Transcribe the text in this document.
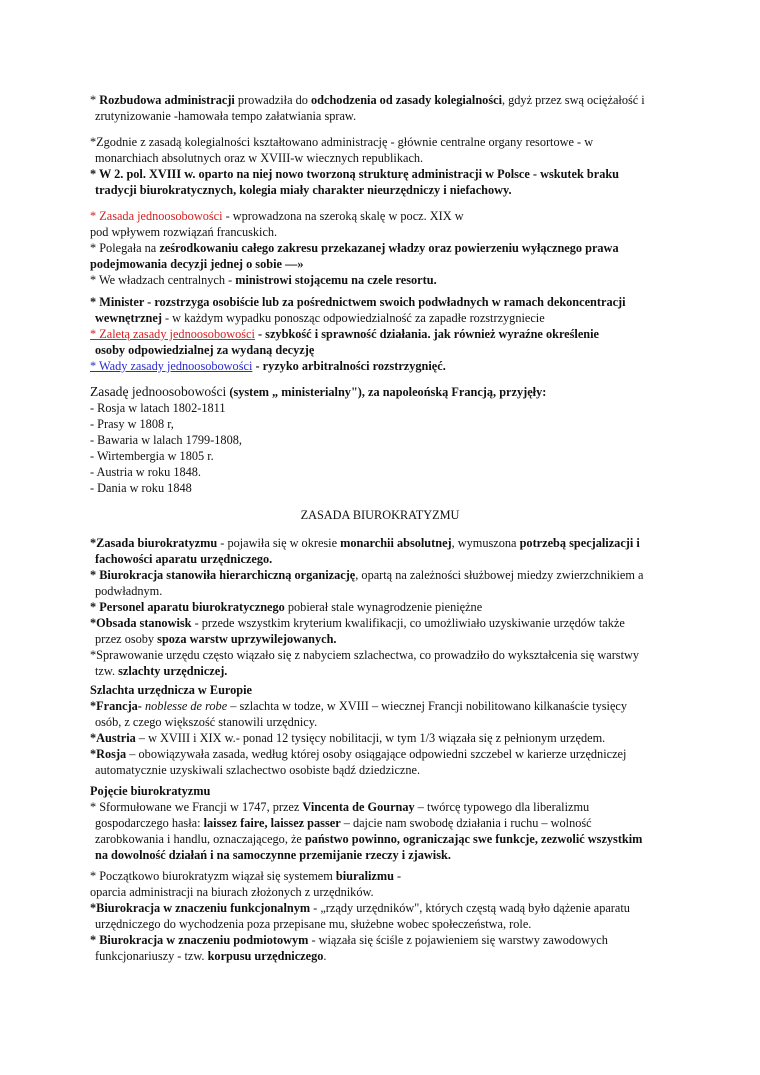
* Rozbudowa administracji prowadziła do odchodzenia od zasady kolegialności, gdyż przez swą ociężałość i

zrutynizowanie -hamowała tempo załatwiania spraw.

*Zgodnie z zasadą kolegialności kształtowano administrację - głównie centralne organy resortowe - w

monarchiach absolutnych oraz w XVIII-w wiecznych republikach.

* W 2. pol. XVIII w. oparto na niej nowo tworzoną strukturę administracji w Polsce - wskutek braku

tradycji biurokratycznych, kolegia miały charakter nieurzędniczy i niefachowy.

* Zasada jednoosobowości - wprowadzona na szeroką skalę w pocz. XIX w

pod wpływem rozwiązań francuskich.

* Polegała na ześrodkowaniu całego zakresu przekazanej władzy oraz powierzeniu wyłącznego prawa

podejmowania decyzji jednej o sobie —»

* We władzach centralnych - ministrowi stojącemu na czele resortu.

* Minister - rozstrzyga osobiście lub za pośrednictwem swoich podwładnych w ramach dekoncentracji

wewnętrznej - w każdym wypadku ponosząc odpowiedzialność za zapadłe rozstrzygniecie

* Zaletą zasady jednoosobowości - szybkość i sprawność działania. jak również wyraźne określenie

osoby odpowiedzialnej za wydaną decyzję

* Wady zasady jednoosobowości - ryzyko arbitralności rozstrzygnięć.

Zasadę jednoosobowości (system „ ministerialny"), za napoleońską Francją, przyjęły:

- Rosja w latach 1802-1811

- Prasy w 1808 r,

- Bawaria w lalach 1799-1808,

- Wirtembergia w 1805 r.

- Austria w roku 1848.

- Dania w roku 1848

ZASADA BIUROKRATYZMU

*Zasada biurokratyzmu - pojawiła się w okresie monarchii absolutnej, wymuszona potrzebą specjalizacji i

fachowości aparatu urzędniczego.

* Biurokracja stanowiła hierarchiczną organizację, opartą na zależności służbowej miedzy zwierzchnikiem a

podwładnym.

* Personel aparatu biurokratycznego pobierał stale wynagrodzenie pieniężne

*Obsada stanowisk - przede wszystkim kryterium kwalifikacji, co umożliwiało uzyskiwanie urzędów także

przez osoby spoza warstw uprzywilejowanych.

*Sprawowanie urzędu często wiązało się z nabyciem szlachectwa, co prowadziło do wykształcenia się warstwy

tzw. szlachty urzędniczej.

Szlachta urzędnicza w Europie

*Francja- noblesse de robe – szlachta w todze, w XVIII – wiecznej Francji nobilitowano kilkanaście tysięcy

osób, z czego większość stanowili urzędnicy.

*Austria – w XVIII i XIX w.- ponad 12 tysięcy nobilitacji, w tym 1/3 wiązała się z pełnionym urzędem.

*Rosja – obowiązywała zasada, według której osoby osiągające odpowiedni szczebel w karierze urzędniczej

automatycznie uzyskiwali szlachectwo osobiste bądź dziedziczne.

Pojęcie biurokratyzmu

* Sformułowane we Francji w 1747, przez Vincenta de Gournay – twórcę typowego dla liberalizmu

gospodarczego hasła: laissez faire, laissez passer – dajcie nam swobodę działania i ruchu – wolność

zarobkowania i handlu, oznaczającego, że państwo powinno, ograniczając swe funkcje, zezwolić wszystkim

na dowolność działań i na samoczynne przemijanie rzeczy i zjawisk.

* Początkowo biurokratyzm wiązał się systemem biuralizmu -

oparcia administracji na biurach złożonych z urzędników.

*Biurokracja w znaczeniu funkcjonalnym - „rządy urzędników", których częstą wadą było dążenie aparatu

urzędniczego do wychodzenia poza przepisane mu, służebne wobec społeczeństwa, role.

* Biurokracja w znaczeniu podmiotowym - wiązała się ściśle z pojawieniem się warstwy zawodowych

funkcjonariuszy - tzw. korpusu urzędniczego.
